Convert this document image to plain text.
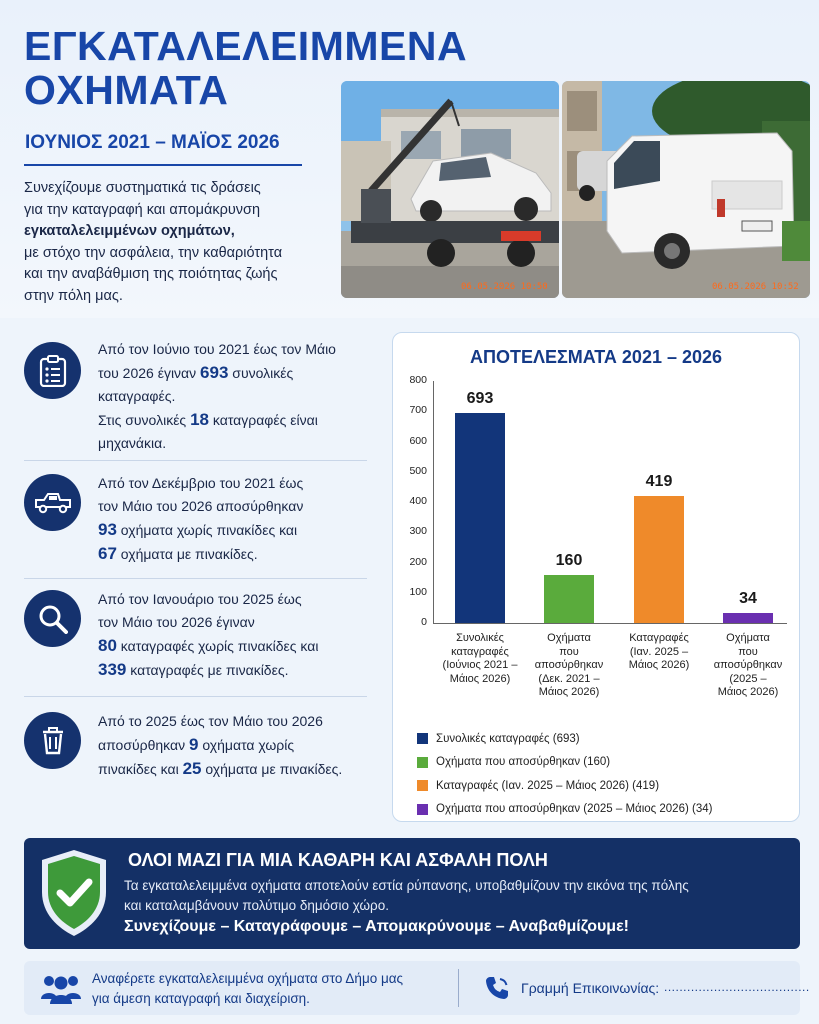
ΕΓΚΑΤΑΛΕΛΕΙΜΜΕΝΑ
ΟΧΗΜΑΤΑ
ΙΟΥΝΙΟΣ 2021 – ΜΑΪΟΣ 2026
Συνεχίζουμε συστηματικά τις δράσεις
για την καταγραφή και απομάκρυνση
εγκαταλελειμμένων οχημάτων,
με στόχο την ασφάλεια, την καθαριότητα
και την αναβάθμιση της ποιότητας ζωής
στην πόλη μας.
06.05.2026 10:50	06.05.2026 10:52
Από τον Ιούνιο του 2021 έως τον Μάιο
του 2026 έγιναν 693 συνολικές
καταγραφές.
Στις συνολικές 18 καταγραφές είναι
μηχανάκια.
Από τον Δεκέμβριο του 2021 έως
τον Μάιο του 2026 αποσύρθηκαν
93 οχήματα χωρίς πινακίδες και
67 οχήματα με πινακίδες.
Από τον Ιανουάριο του 2025 έως
τον Μάιο του 2026 έγιναν
80 καταγραφές χωρίς πινακίδες και
339 καταγραφές με πινακίδες.
Από το 2025 έως τον Μάιο του 2026
αποσύρθηκαν 9 οχήματα χωρίς
πινακίδες και 25 οχήματα με πινακίδες.
ΑΠΟΤΕΛΕΣΜΑΤΑ 2021 – 2026
Συνολικές καταγραφές (693)
Οχήματα που αποσύρθηκαν (160)
Καταγραφές (Ιαν. 2025 – Μάιος 2026) (419)
Οχήματα που αποσύρθηκαν (2025 – Μάιος 2026) (34)
800
700
600
500
400
300
200
100
0
693
Συνολικές
καταγραφές
(Ιούνιος 2021 –
Μάιος 2026)
160
Οχήματα
που
αποσύρθηκαν
(Δεκ. 2021 –
Μάιος 2026)
419
Καταγραφές
(Ιαν. 2025 –
Μάιος 2026)
34
Οχήματα
που
αποσύρθηκαν
(2025 –
Μάιος 2026)
ΟΛΟΙ ΜΑΖΙ ΓΙΑ ΜΙΑ ΚΑΘΑΡΗ ΚΑΙ ΑΣΦΑΛΗ ΠΟΛΗ
Τα εγκαταλελειμμένα οχήματα αποτελούν εστία ρύπανσης, υποβαθμίζουν την εικόνα της πόλης
και καταλαμβάνουν πολύτιμο δημόσιο χώρο.
Συνεχίζουμε – Καταγράφουμε – Απομακρύνουμε – Αναβαθμίζουμε!
Αναφέρετε εγκαταλελειμμένα οχήματα στο Δήμο μας
για άμεση καταγραφή και διαχείριση.
Γραμμή Επικοινωνίας: ......................................
